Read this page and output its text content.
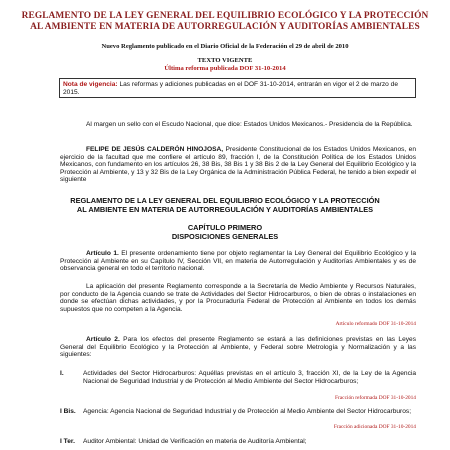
REGLAMENTO DE LA LEY GENERAL DEL EQUILIBRIO ECOLÓGICO Y LA PROTECCIÓN
AL AMBIENTE EN MATERIA DE AUTORREGULACIÓN Y AUDITORÍAS AMBIENTALES
Nuevo Reglamento publicado en el Diario Oficial de la Federación el 29 de abril de 2010
TEXTO VIGENTE
Última reforma publicada DOF 31-10-2014
Nota de vigencia: Las reformas y adiciones publicadas en el DOF 31-10-2014, entrarán en vigor el 2 de marzo de 2015.
Al margen un sello con el Escudo Nacional, que dice: Estados Unidos Mexicanos.- Presidencia de la República.
FELIPE DE JESÚS CALDERÓN HINOJOSA, Presidente Constitucional de los Estados Unidos Mexicanos, en ejercicio de la facultad que me confiere el artículo 89, fracción I, de la Constitución Política de los Estados Unidos Mexicanos, con fundamento en los artículos 26, 38 Bis, 38 Bis 1 y 38 Bis 2 de la Ley General del Equilibrio Ecológico y la Protección al Ambiente, y 13 y 32 Bis de la Ley Orgánica de la Administración Pública Federal, he tenido a bien expedir el siguiente
REGLAMENTO DE LA LEY GENERAL DEL EQUILIBRIO ECOLÓGICO Y LA PROTECCIÓN
AL AMBIENTE EN MATERIA DE AUTORREGULACIÓN Y AUDITORÍAS AMBIENTALES
CAPÍTULO PRIMERO
DISPOSICIONES GENERALES
Artículo 1. El presente ordenamiento tiene por objeto reglamentar la Ley General del Equilibrio Ecológico y la Protección al Ambiente en su Capítulo IV, Sección VII, en materia de Autorregulación y Auditorías Ambientales y es de observancia general en todo el territorio nacional.
La aplicación del presente Reglamento corresponde a la Secretaría de Medio Ambiente y Recursos Naturales, por conducto de la Agencia cuando se trate de Actividades del Sector Hidrocarburos, o bien de obras o instalaciones en donde se efectúan dichas actividades, y por la Procuraduría Federal de Protección al Ambiente en todos los demás supuestos que no competen a la Agencia.
Artículo reformado DOF 31-10-2014
Artículo 2. Para los efectos del presente Reglamento se estará a las definiciones previstas en las Leyes General del Equilibrio Ecológico y la Protección al Ambiente, y Federal sobre Metrología y Normalización y a las siguientes:
I.	Actividades del Sector Hidrocarburos: Aquéllas previstas en el artículo 3, fracción XI, de la Ley de la Agencia Nacional de Seguridad Industrial y de Protección al Medio Ambiente del Sector Hidrocarburos;
Fracción reformada DOF 31-10-2014
I Bis. Agencia: Agencia Nacional de Seguridad Industrial y de Protección al Medio Ambiente del Sector Hidrocarburos;
Fracción adicionada DOF 31-10-2014
I Ter. Auditor Ambiental: Unidad de Verificación en materia de Auditoría Ambiental;
